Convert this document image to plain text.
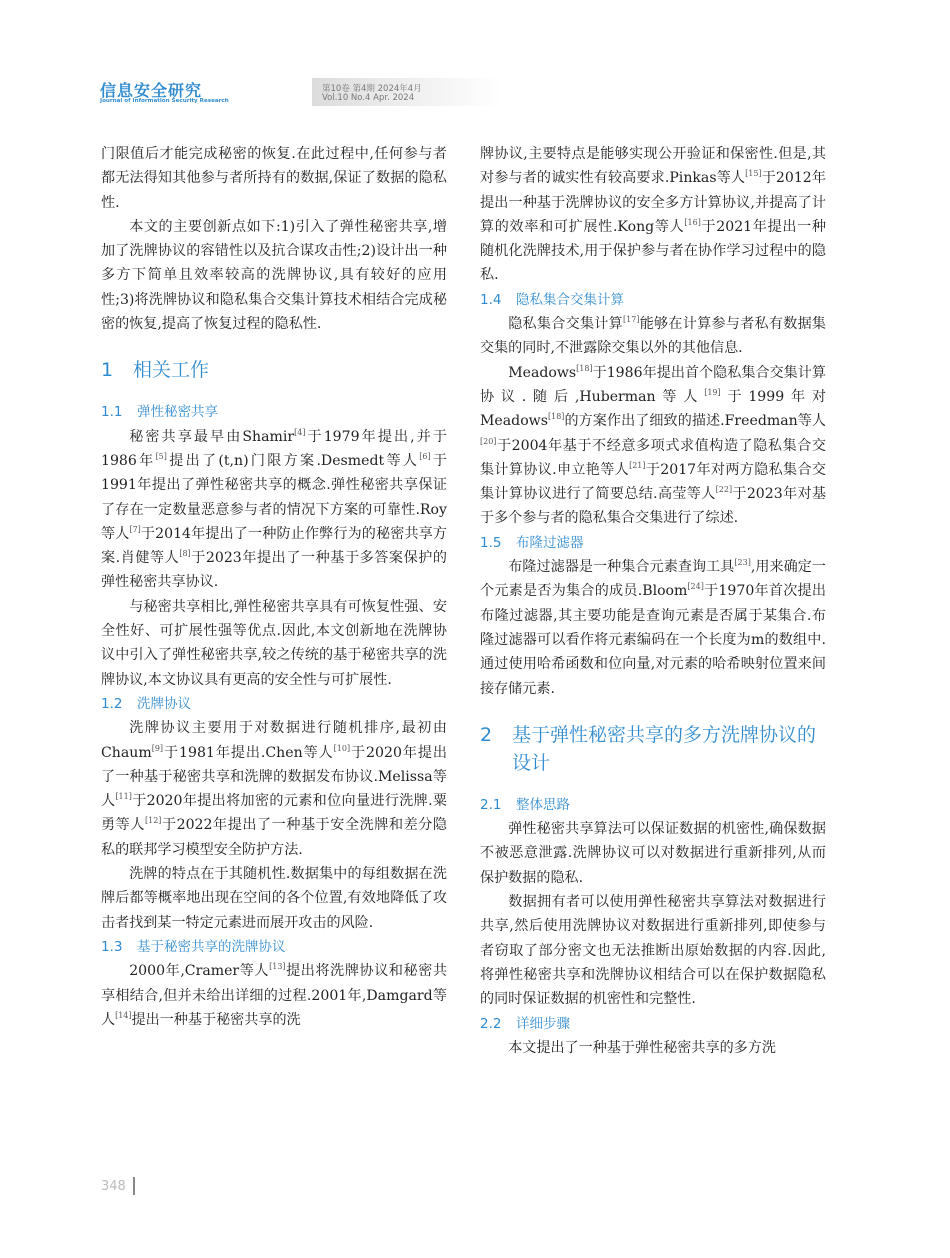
信息安全研究
Journal of Information Security Research
第10卷 第4期 2024年4月
Vol.10 No.4 Apr. 2024

门限值后才能完成秘密的恢复.在此过程中,任何参与者都无法得知其他参与者所持有的数据,保证了数据的隐私性.

本文的主要创新点如下:1)引入了弹性秘密共享,增加了洗牌协议的容错性以及抗合谋攻击性;2)设计出一种多方下简单且效率较高的洗牌协议,具有较好的应用性;3)将洗牌协议和隐私集合交集计算技术相结合完成秘密的恢复,提高了恢复过程的隐私性.

1	相关工作
1.1 弹性秘密共享

秘密共享最早由Shamir[4]于1979年提出,并于1986年[5]提出了(t,n)门限方案.Desmedt等人[6]于1991年提出了弹性秘密共享的概念.弹性秘密共享保证了存在一定数量恶意参与者的情况下方案的可靠性.Roy等人[7]于2014年提出了一种防止作弊行为的秘密共享方案.肖健等人[8]于2023年提出了一种基于多答案保护的弹性秘密共享协议.

与秘密共享相比,弹性秘密共享具有可恢复性强、安全性好、可扩展性强等优点.因此,本文创新地在洗牌协议中引入了弹性秘密共享,较之传统的基于秘密共享的洗牌协议,本文协议具有更高的安全性与可扩展性.

1.2 洗牌协议

洗牌协议主要用于对数据进行随机排序,最初由Chaum[9]于1981年提出.Chen等人[10]于2020年提出了一种基于秘密共享和洗牌的数据发布协议.Melissa等人[11]于2020年提出将加密的元素和位向量进行洗牌.粟勇等人[12]于2022年提出了一种基于安全洗牌和差分隐私的联邦学习模型安全防护方法.

洗牌的特点在于其随机性.数据集中的每组数据在洗牌后都等概率地出现在空间的各个位置,有效地降低了攻击者找到某一特定元素进而展开攻击的风险.

1.3 基于秘密共享的洗牌协议

2000年,Cramer等人[13]提出将洗牌协议和秘密共享相结合,但并未给出详细的过程.2001年,Damgard等人[14]提出一种基于秘密共享的洗

牌协议,主要特点是能够实现公开验证和保密性.但是,其对参与者的诚实性有较高要求.Pinkas等人[15]于2012年提出一种基于洗牌协议的安全多方计算协议,并提高了计算的效率和可扩展性.Kong等人[16]于2021年提出一种随机化洗牌技术,用于保护参与者在协作学习过程中的隐私.

1.4 隐私集合交集计算

隐私集合交集计算[17]能够在计算参与者私有数据集交集的同时,不泄露除交集以外的其他信息.

Meadows[18]于1986年提出首个隐私集合交集计算协议.随后,Huberman等人[19]于1999年对Meadows[18]的方案作出了细致的描述.Freedman等人[20]于2004年基于不经意多项式求值构造了隐私集合交集计算协议.申立艳等人[21]于2017年对两方隐私集合交集计算协议进行了简要总结.高莹等人[22]于2023年对基于多个参与者的隐私集合交集进行了综述.

1.5 布隆过滤器

布隆过滤器是一种集合元素查询工具[23],用来确定一个元素是否为集合的成员.Bloom[24]于1970年首次提出布隆过滤器,其主要功能是查询元素是否属于某集合.布隆过滤器可以看作将元素编码在一个长度为m的数组中.通过使用哈希函数和位向量,对元素的哈希映射位置来间接存储元素.

2	基于弹性秘密共享的多方洗牌协议的设计
2.1 整体思路

弹性秘密共享算法可以保证数据的机密性,确保数据不被恶意泄露.洗牌协议可以对数据进行重新排列,从而保护数据的隐私.

数据拥有者可以使用弹性秘密共享算法对数据进行共享,然后使用洗牌协议对数据进行重新排列,即使参与者窃取了部分密文也无法推断出原始数据的内容.因此,将弹性秘密共享和洗牌协议相结合可以在保护数据隐私的同时保证数据的机密性和完整性.

2.2 详细步骤

本文提出了一种基于弹性秘密共享的多方洗

348
